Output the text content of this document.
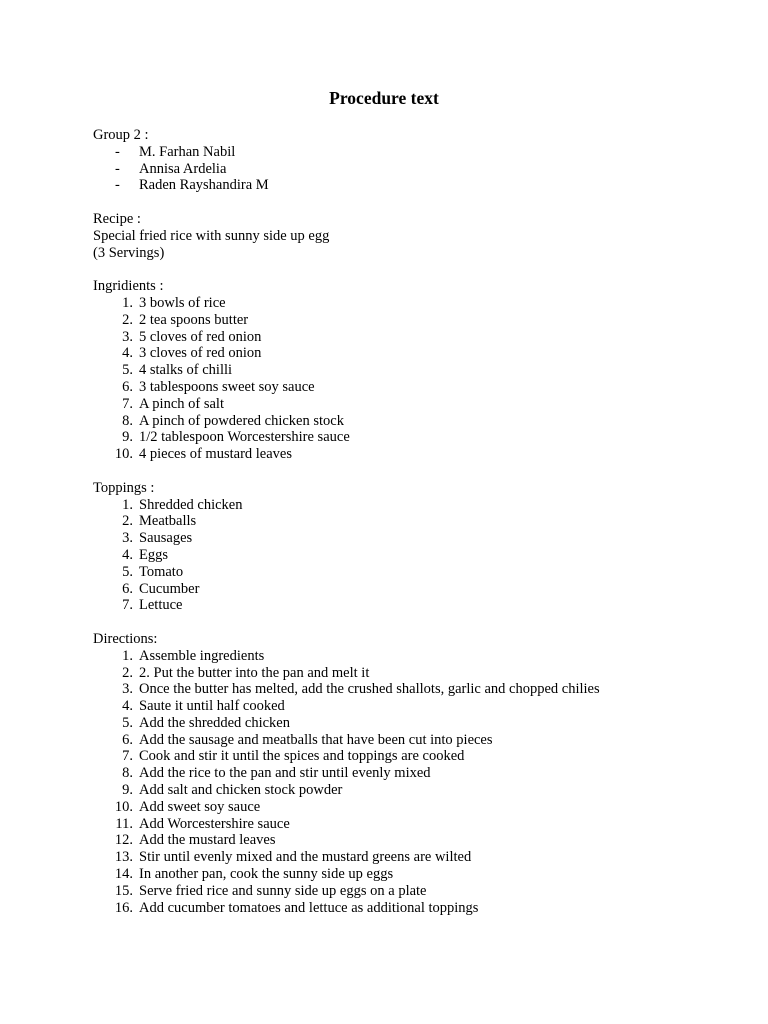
Procedure text
Group 2 :
- M. Farhan Nabil
- Annisa Ardelia
- Raden Rayshandira M
Recipe :
Special fried rice with sunny side up egg
(3 Servings)
Ingridients :
1. 3 bowls of rice
2. 2 tea spoons butter
3. 5 cloves of red onion
4. 3 cloves of red onion
5. 4 stalks of chilli
6. 3 tablespoons sweet soy sauce
7. A pinch of salt
8. A pinch of powdered chicken stock
9. 1/2 tablespoon Worcestershire sauce
10. 4 pieces of mustard leaves
Toppings :
1. Shredded chicken
2. Meatballs
3. Sausages
4. Eggs
5. Tomato
6. Cucumber
7. Lettuce
Directions:
1. Assemble ingredients
2. 2. Put the butter into the pan and melt it
3. Once the butter has melted, add the crushed shallots, garlic and chopped chilies
4. Saute it until half cooked
5. Add the shredded chicken
6. Add the sausage and meatballs that have been cut into pieces
7. Cook and stir it until the spices and toppings are cooked
8. Add the rice to the pan and stir until evenly mixed
9. Add salt and chicken stock powder
10. Add sweet soy sauce
11. Add Worcestershire sauce
12. Add the mustard leaves
13. Stir until evenly mixed and the mustard greens are wilted
14. In another pan, cook the sunny side up eggs
15. Serve fried rice and sunny side up eggs on a plate
16. Add cucumber tomatoes and lettuce as additional toppings
